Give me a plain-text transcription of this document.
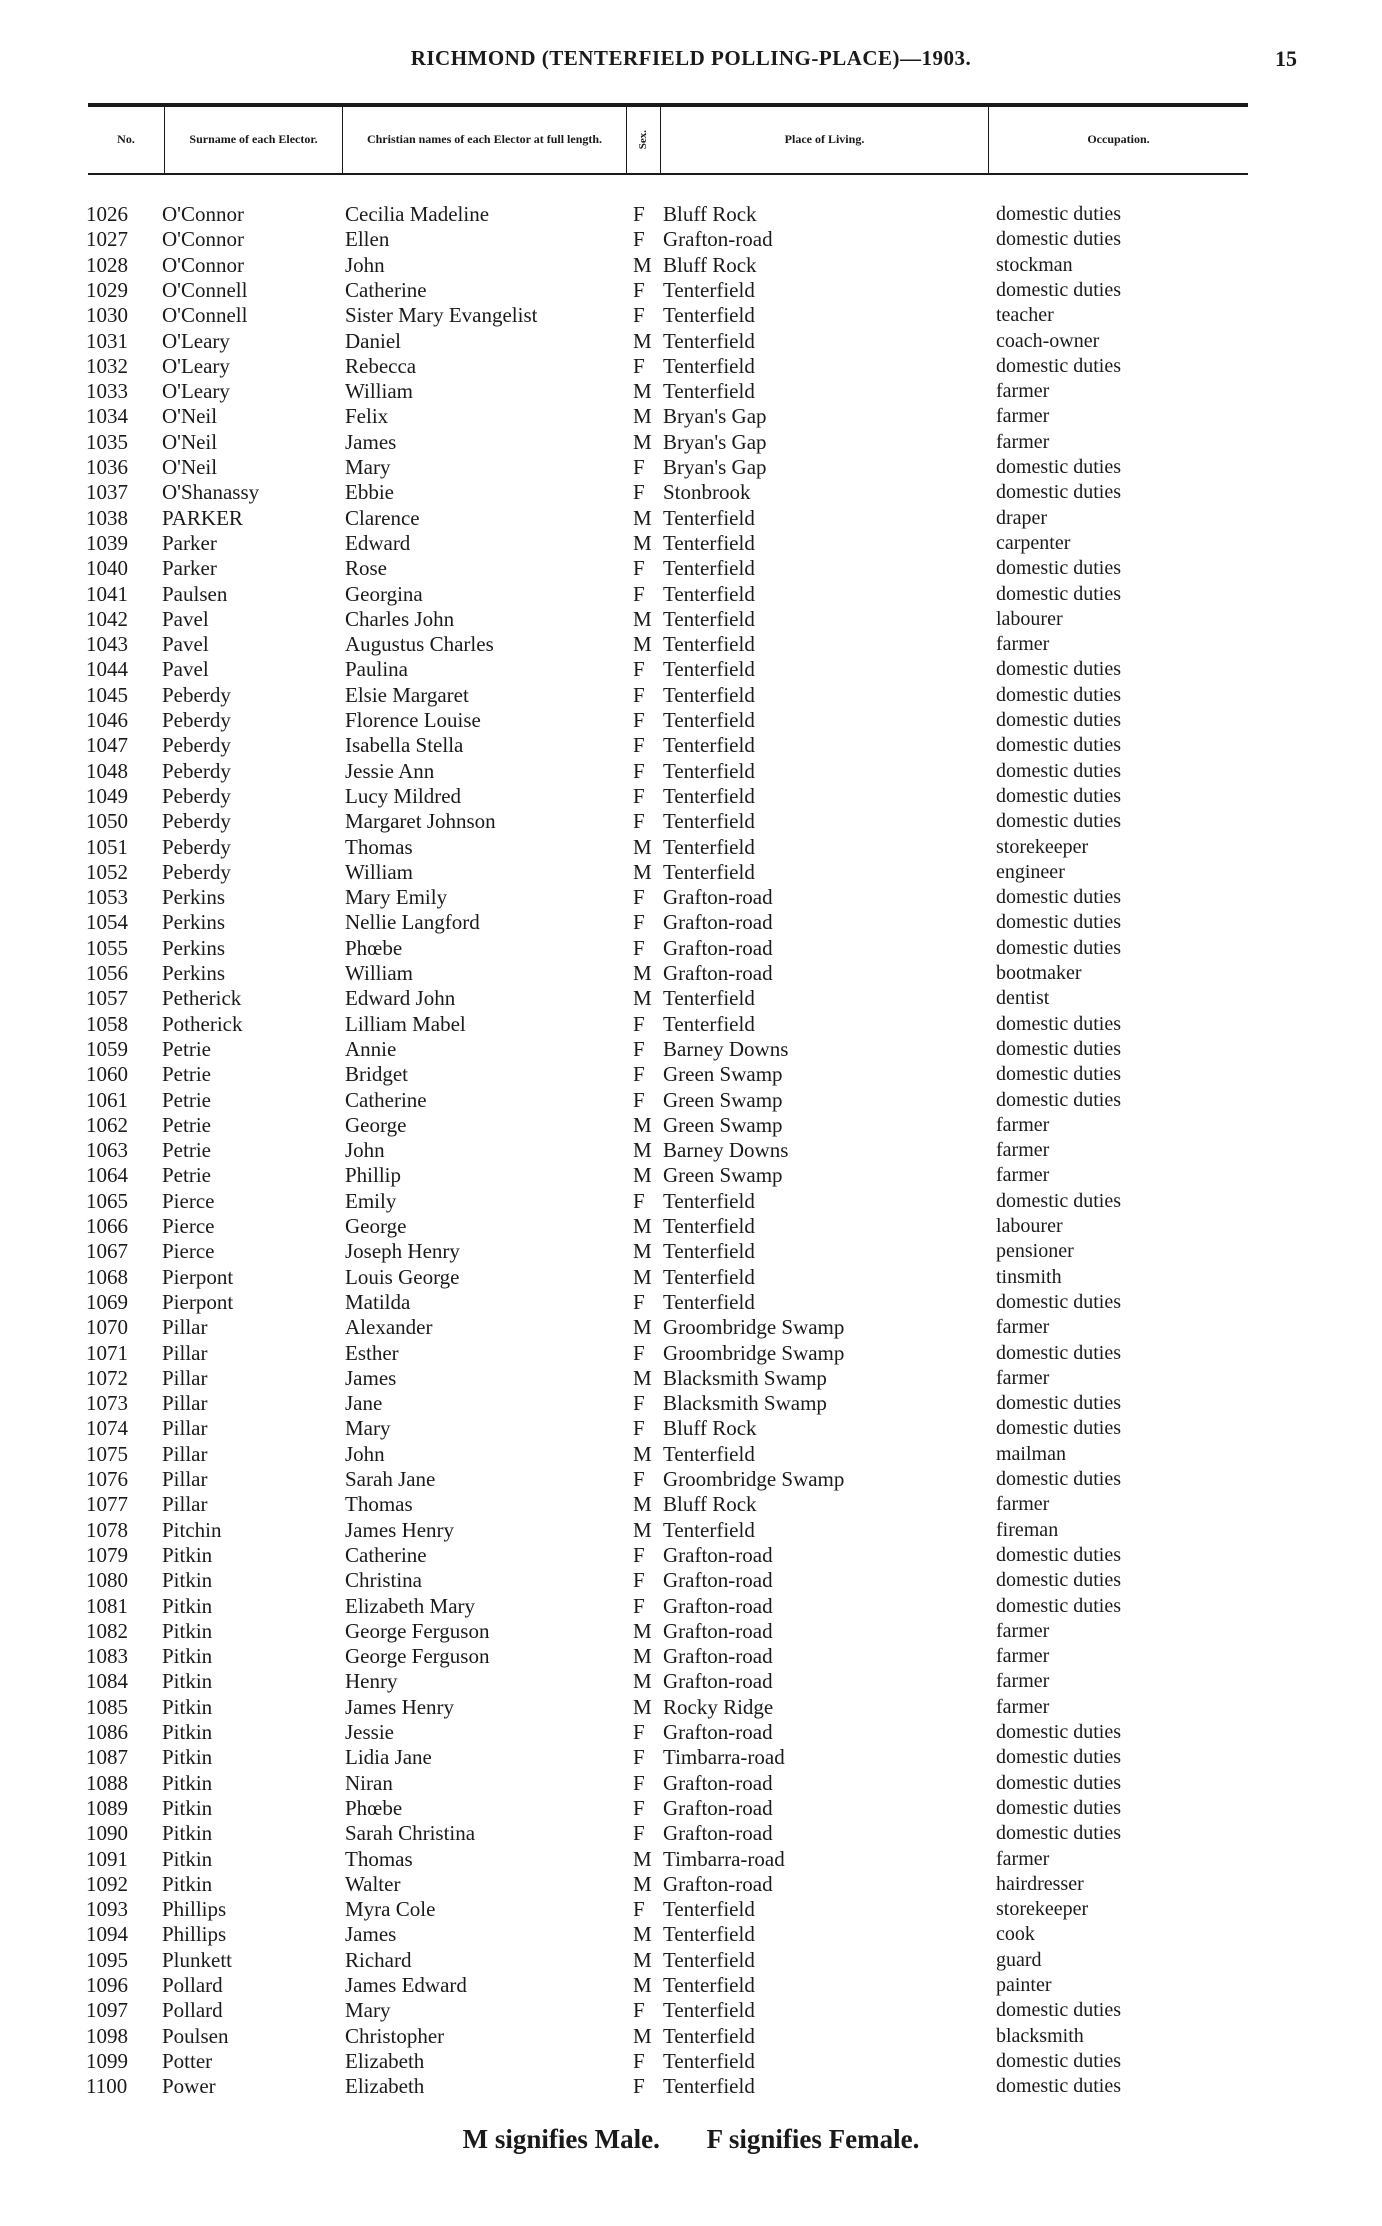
RICHMOND (TENTERFIELD POLLING-PLACE)—1903.	15
No.	Surname of each Elector.	Christian names of each Elector at full length.	Sex.	Place of Living.	Occupation.
1026 O'Connor	Cecilia Madeline	F Bluff Rock	domestic duties
1027 O'Connor	Ellen	F Grafton-road	domestic duties
1028 O'Connor	John	M Bluff Rock	stockman
1029 O'Connell	Catherine	F Tenterfield	domestic duties
1030 O'Connell	Sister Mary Evangelist	F Tenterfield	teacher
1031 O'Leary	Daniel	M Tenterfield	coach-owner
1032 O'Leary	Rebecca	F Tenterfield	domestic duties
1033 O'Leary	William	M Tenterfield	farmer
1034 O'Neil	Felix	M Bryan's Gap	farmer
1035 O'Neil	James	M Bryan's Gap	farmer
1036 O'Neil	Mary	F Bryan's Gap	domestic duties
1037 O'Shanassy	Ebbie	F Stonbrook	domestic duties
1038 PARKER	Clarence	M Tenterfield	draper
1039 Parker	Edward	M Tenterfield	carpenter
1040 Parker	Rose	F Tenterfield	domestic duties
1041 Paulsen	Georgina	F Tenterfield	domestic duties
1042 Pavel	Charles John	M Tenterfield	labourer
1043 Pavel	Augustus Charles	M Tenterfield	farmer
1044 Pavel	Paulina	F Tenterfield	domestic duties
1045 Peberdy	Elsie Margaret	F Tenterfield	domestic duties
1046 Peberdy	Florence Louise	F Tenterfield	domestic duties
1047 Peberdy	Isabella Stella	F Tenterfield	domestic duties
1048 Peberdy	Jessie Ann	F Tenterfield	domestic duties
1049 Peberdy	Lucy Mildred	F Tenterfield	domestic duties
1050 Peberdy	Margaret Johnson	F Tenterfield	domestic duties
1051 Peberdy	Thomas	M Tenterfield	storekeeper
1052 Peberdy	William	M Tenterfield	engineer
1053 Perkins	Mary Emily	F Grafton-road	domestic duties
1054 Perkins	Nellie Langford	F Grafton-road	domestic duties
1055 Perkins	Phœbe	F Grafton-road	domestic duties
1056 Perkins	William	M Grafton-road	bootmaker
1057 Petherick	Edward John	M Tenterfield	dentist
1058 Potherick	Lilliam Mabel	F Tenterfield	domestic duties
1059 Petrie	Annie	F Barney Downs	domestic duties
1060 Petrie	Bridget	F Green Swamp	domestic duties
1061 Petrie	Catherine	F Green Swamp	domestic duties
1062 Petrie	George	M Green Swamp	farmer
1063 Petrie	John	M Barney Downs	farmer
1064 Petrie	Phillip	M Green Swamp	farmer
1065 Pierce	Emily	F Tenterfield	domestic duties
1066 Pierce	George	M Tenterfield	labourer
1067 Pierce	Joseph Henry	M Tenterfield	pensioner
1068 Pierpont	Louis George	M Tenterfield	tinsmith
1069 Pierpont	Matilda	F Tenterfield	domestic duties
1070 Pillar	Alexander	M Groombridge Swamp	farmer
1071 Pillar	Esther	F Groombridge Swamp	domestic duties
1072 Pillar	James	M Blacksmith Swamp	farmer
1073 Pillar	Jane	F Blacksmith Swamp	domestic duties
1074 Pillar	Mary	F Bluff Rock	domestic duties
1075 Pillar	John	M Tenterfield	mailman
1076 Pillar	Sarah Jane	F Groombridge Swamp	domestic duties
1077 Pillar	Thomas	M Bluff Rock	farmer
1078 Pitchin	James Henry	M Tenterfield	fireman
1079 Pitkin	Catherine	F Grafton-road	domestic duties
1080 Pitkin	Christina	F Grafton-road	domestic duties
1081 Pitkin	Elizabeth Mary	F Grafton-road	domestic duties
1082 Pitkin	George Ferguson	M Grafton-road	farmer
1083 Pitkin	George Ferguson	M Grafton-road	farmer
1084 Pitkin	Henry	M Grafton-road	farmer
1085 Pitkin	James Henry	M Rocky Ridge	farmer
1086 Pitkin	Jessie	F Grafton-road	domestic duties
1087 Pitkin	Lidia Jane	F Timbarra-road	domestic duties
1088 Pitkin	Niran	F Grafton-road	domestic duties
1089 Pitkin	Phœbe	F Grafton-road	domestic duties
1090 Pitkin	Sarah Christina	F Grafton-road	domestic duties
1091 Pitkin	Thomas	M Timbarra-road	farmer
1092 Pitkin	Walter	M Grafton-road	hairdresser
1093 Phillips	Myra Cole	F Tenterfield	storekeeper
1094 Phillips	James	M Tenterfield	cook
1095 Plunkett	Richard	M Tenterfield	guard
1096 Pollard	James Edward	M Tenterfield	painter
1097 Pollard	Mary	F Tenterfield	domestic duties
1098 Poulsen	Christopher	M Tenterfield	blacksmith
1099 Potter	Elizabeth	F Tenterfield	domestic duties
1100 Power	Elizabeth	F Tenterfield	domestic duties
M signifies Male. F signifies Female.
